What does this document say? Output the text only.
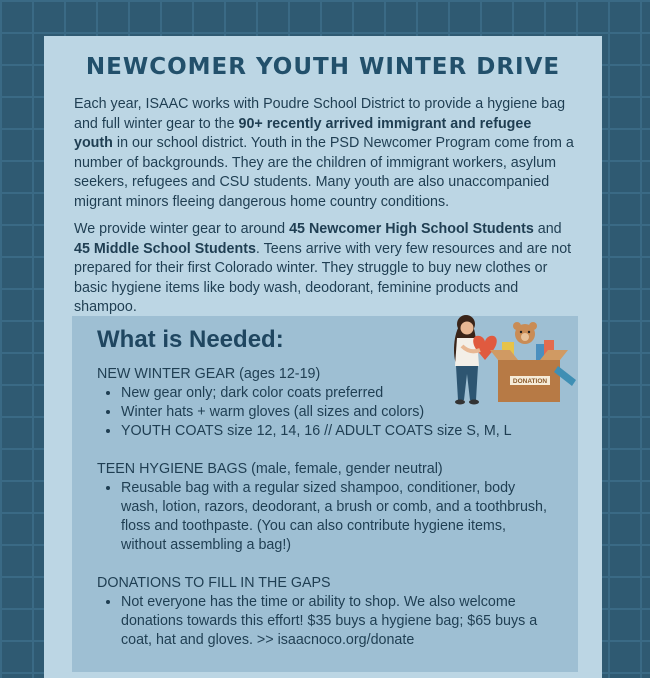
NEWCOMER YOUTH WINTER DRIVE

Each year, ISAAC works with Poudre School District to provide a hygiene bag and full winter gear to the 90+ recently arrived immigrant and refugee youth in our school district. Youth in the PSD Newcomer Program come from a number of backgrounds. They are the children of immigrant workers, asylum seekers, refugees and CSU students. Many youth are also unaccompanied migrant minors fleeing dangerous home country conditions.

We provide winter gear to around 45 Newcomer High School Students and 45 Middle School Students. Teens arrive with very few resources and are not prepared for their first Colorado winter. They struggle to buy new clothes or basic hygiene items like body wash, deodorant, feminine products and shampoo.

What is Needed:
DONATION

NEW WINTER GEAR (ages 12-19)

• New gear only; dark color coats preferred
• Winter hats + warm gloves (all sizes and colors)
• YOUTH COATS size 12, 14, 16 // ADULT COATS size S, M, L

TEEN HYGIENE BAGS (male, female, gender neutral)

• Reusable bag with a regular sized shampoo, conditioner, body wash, lotion, razors, deodorant, a brush or comb, and a toothbrush, floss and toothpaste. (You can also contribute hygiene items, without assembling a bag!)

DONATIONS TO FILL IN THE GAPS

• Not everyone has the time or ability to shop. We also welcome donations towards this effort! $35 buys a hygiene bag; $65 buys a coat, hat and gloves. >> isaacnoco.org/donate
